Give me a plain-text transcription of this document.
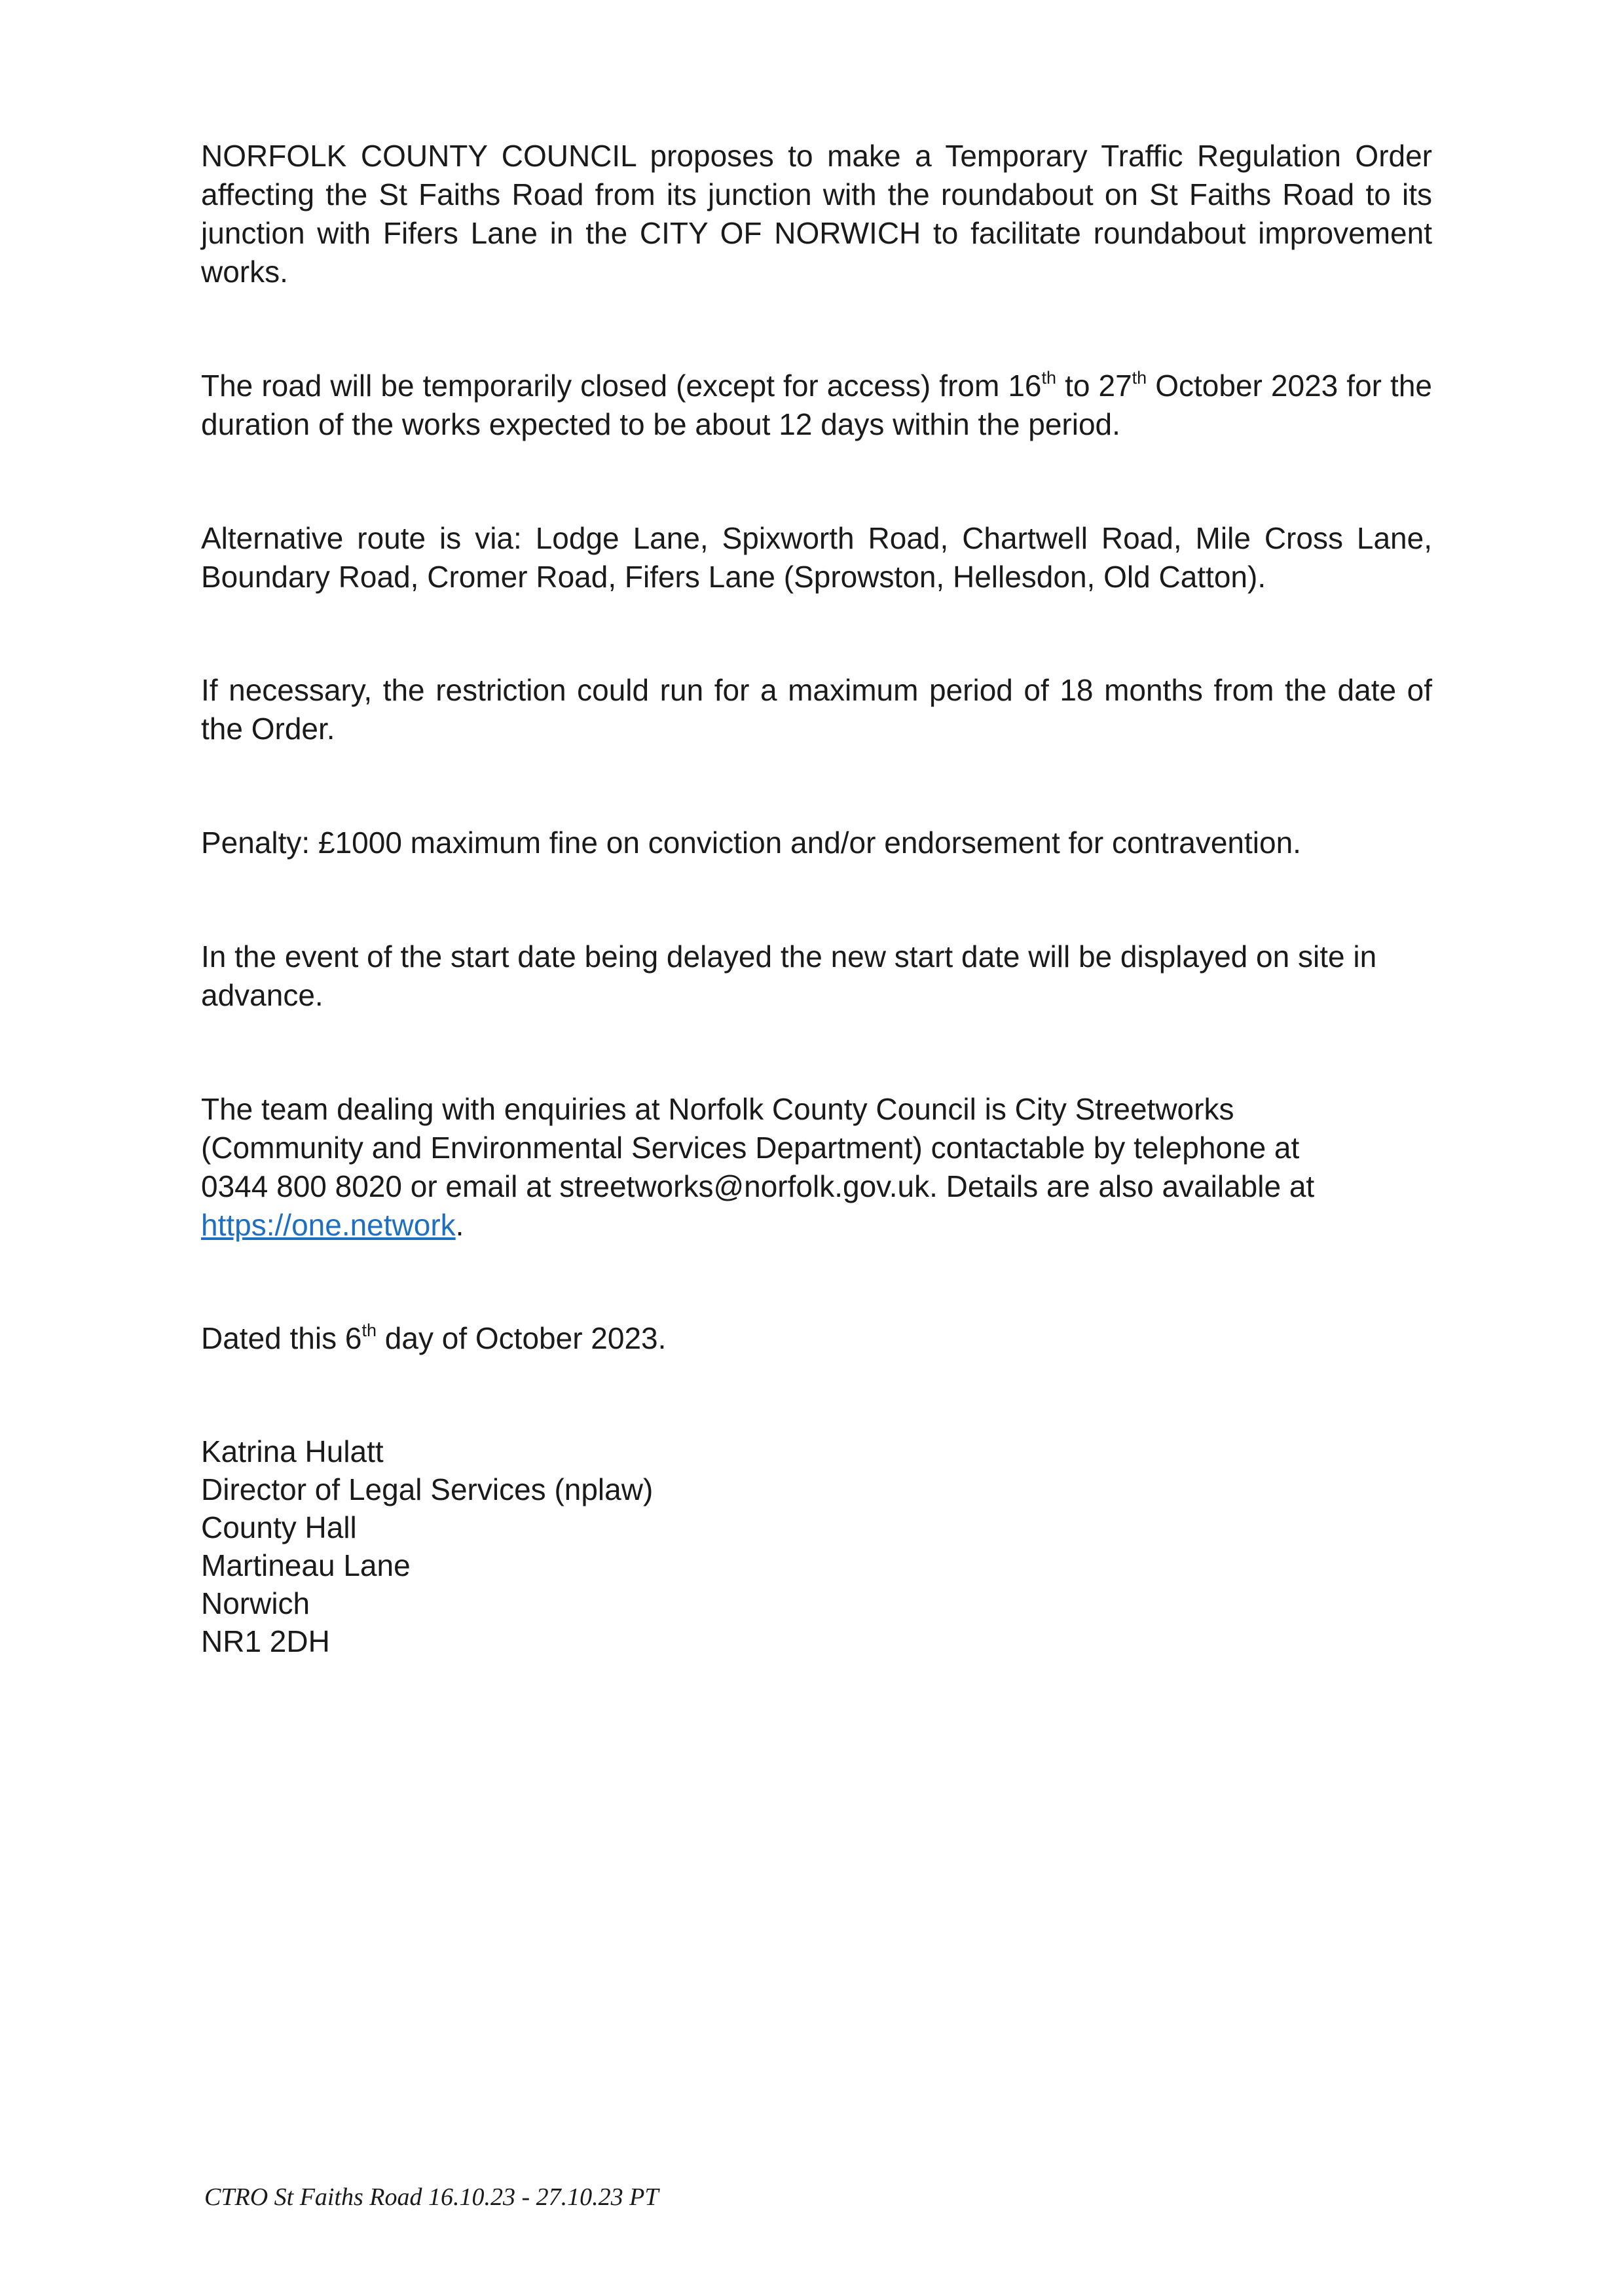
NORFOLK COUNTY COUNCIL proposes to make a Temporary Traffic Regulation Order affecting the St Faiths Road from its junction with the roundabout on St Faiths Road to its junction with Fifers Lane in the CITY OF NORWICH to facilitate roundabout improvement works.

The road will be temporarily closed (except for access) from 16th to 27th October 2023 for the duration of the works expected to be about 12 days within the period.

Alternative route is via: Lodge Lane, Spixworth Road, Chartwell Road, Mile Cross Lane, Boundary Road, Cromer Road, Fifers Lane (Sprowston, Hellesdon, Old Catton).

If necessary, the restriction could run for a maximum period of 18 months from the date of the Order.

Penalty: £1000 maximum fine on conviction and/or endorsement for contravention.

In the event of the start date being delayed the new start date will be displayed on site in advance.

The team dealing with enquiries at Norfolk County Council is City Streetworks
(Community and Environmental Services Department) contactable by telephone at
0344 800 8020 or email at streetworks@norfolk.gov.uk. Details are also available at
https://one.network.

Dated this 6th day of October 2023.

Katrina Hulatt
Director of Legal Services (nplaw)
County Hall
Martineau Lane
Norwich
NR1 2DH

CTRO St Faiths Road 16.10.23 - 27.10.23 PT
